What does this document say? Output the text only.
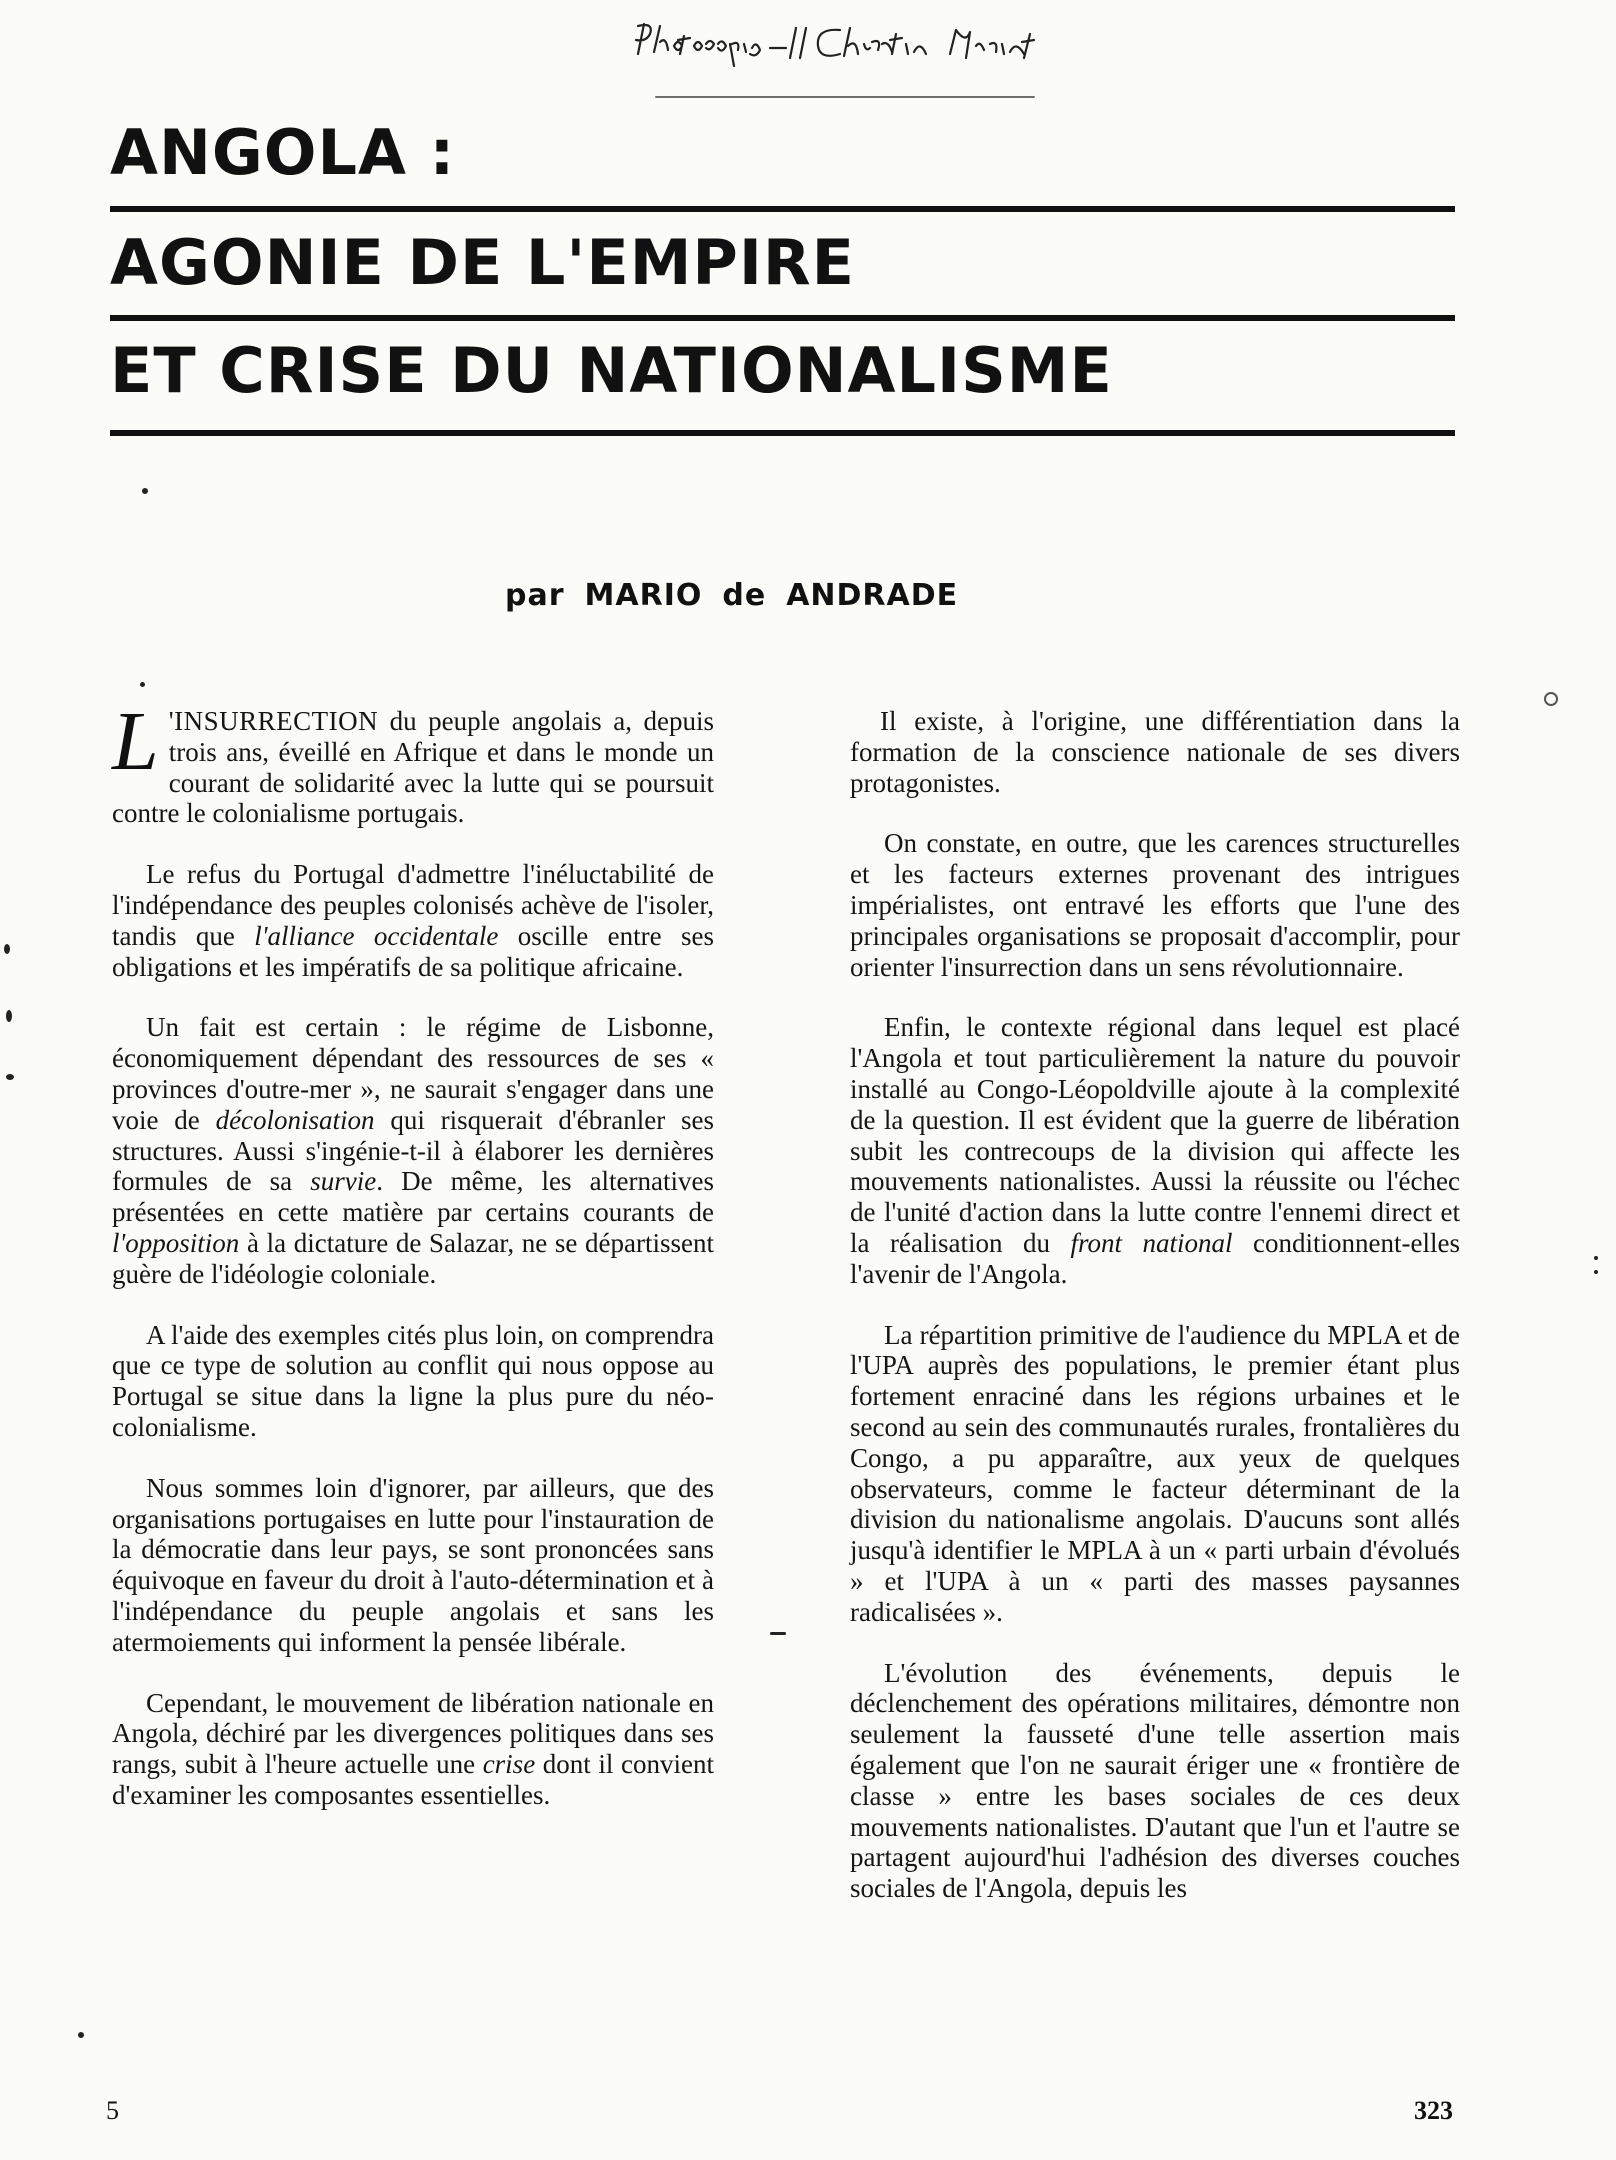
ANGOLA :
AGONIE DE L'EMPIRE
ET CRISE DU NATIONALISME
par MARIO de ANDRADE

L 'INSURRECTION du peuple angolais a, depuis trois ans, éveillé en Afrique et dans le monde un courant de solidarité avec la lutte qui se poursuit contre le colonialisme portugais.

Le refus du Portugal d'admettre l'inéluctabilité de l'indépendance des peuples colonisés achève de l'isoler, tandis que l'alliance occidentale oscille entre ses obligations et les impératifs de sa politique africaine.

Un fait est certain : le régime de Lisbonne, économiquement dépendant des ressources de ses « provinces d'outre-mer », ne saurait s'engager dans une voie de décolonisation qui risquerait d'ébranler ses structures. Aussi s'ingénie-t-il à élaborer les dernières formules de sa survie. De même, les alternatives présentées en cette matière par certains courants de l'opposition à la dictature de Salazar, ne se départissent guère de l'idéologie coloniale.

A l'aide des exemples cités plus loin, on comprendra que ce type de solution au conflit qui nous oppose au Portugal se situe dans la ligne la plus pure du néo-colonialisme.

Nous sommes loin d'ignorer, par ailleurs, que des organisations portugaises en lutte pour l'instauration de la démocratie dans leur pays, se sont prononcées sans équivoque en faveur du droit à l'auto-détermination et à l'indépendance du peuple angolais et sans les atermoiements qui informent la pensée libérale.

Cependant, le mouvement de libération nationale en Angola, déchiré par les divergences politiques dans ses rangs, subit à l'heure actuelle une crise dont il convient d'examiner les composantes essentielles.

Il existe, à l'origine, une différentiation dans la formation de la conscience nationale de ses divers protagonistes.

On constate, en outre, que les carences structurelles et les facteurs externes provenant des intrigues impérialistes, ont entravé les efforts que l'une des principales organisations se proposait d'accomplir, pour orienter l'insurrection dans un sens révolutionnaire.

Enfin, le contexte régional dans lequel est placé l'Angola et tout particulièrement la nature du pouvoir installé au Congo-Léopoldville ajoute à la complexité de la question. Il est évident que la guerre de libération subit les contrecoups de la division qui affecte les mouvements nationalistes. Aussi la réussite ou l'échec de l'unité d'action dans la lutte contre l'ennemi direct et la réalisation du front national conditionnent-elles l'avenir de l'Angola.

La répartition primitive de l'audience du MPLA et de l'UPA auprès des populations, le premier étant plus fortement enraciné dans les régions urbaines et le second au sein des communautés rurales, frontalières du Congo, a pu apparaître, aux yeux de quelques observateurs, comme le facteur déterminant de la division du nationalisme angolais. D'aucuns sont allés jusqu'à identifier le MPLA à un « parti urbain d'évolués » et l'UPA à un « parti des masses paysannes radicalisées ».

L'évolution des événements, depuis le déclenchement des opérations militaires, démontre non seulement la fausseté d'une telle assertion mais également que l'on ne saurait ériger une « frontière de classe » entre les bases sociales de ces deux mouvements nationalistes. D'autant que l'un et l'autre se partagent aujourd'hui l'adhésion des diverses couches sociales de l'Angola, depuis les

5	323
